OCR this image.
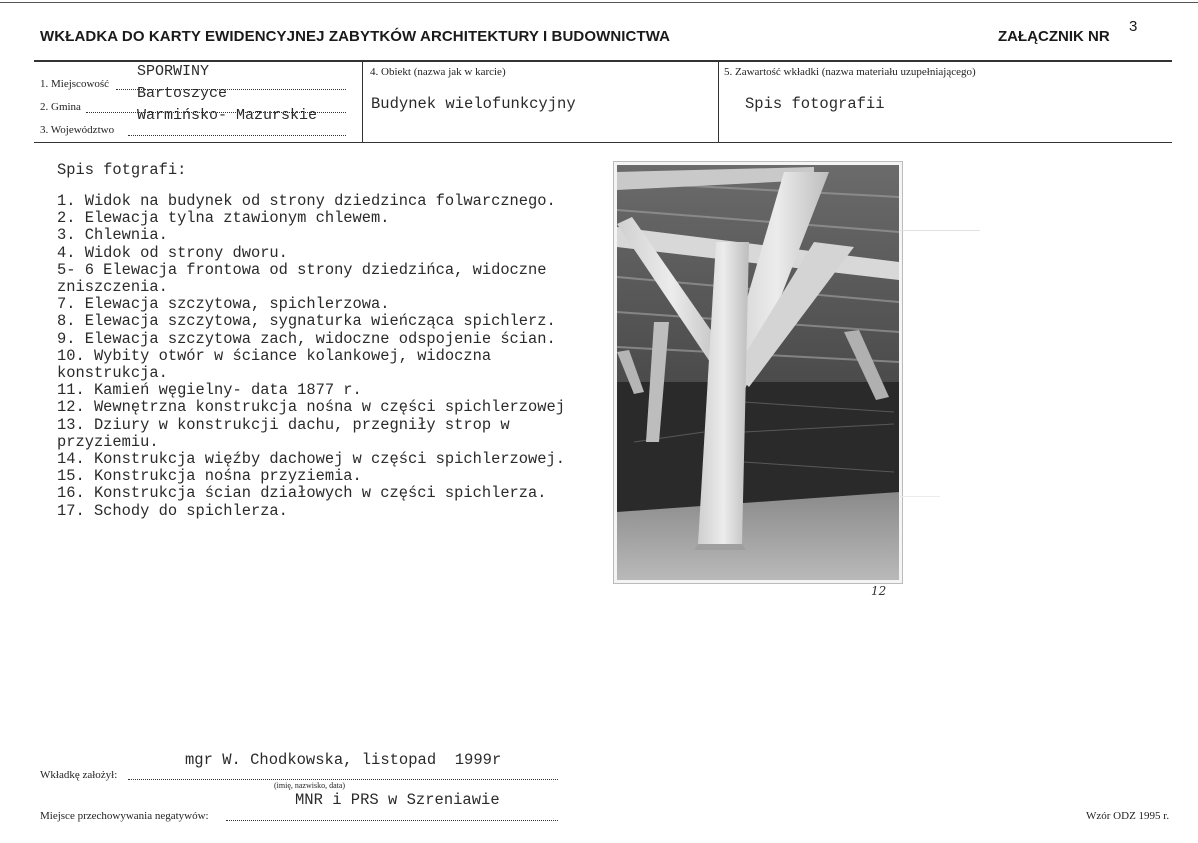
WKŁADKA DO KARTY EWIDENCYJNEJ ZABYTKÓW ARCHITEKTURY I BUDOWNICTWA	ZAŁĄCZNIK NR
3
1. Miejscowość
SPORWINY
2. Gmina
Bartoszyce
Warmińsko- Mazurskie
3. Województwo
4. Obiekt (nazwa jak w karcie)
Budynek wielofunkcyjny
5. Zawartość wkładki (nazwa materiału uzupełniającego)
Spis fotografii
Spis fotgrafi:
1. Widok na budynek od strony dziedzinca folwarcznego.
2. Elewacja tylna ztawionym chlewem.
3. Chlewnia.
4. Widok od strony dworu.
5- 6 Elewacja frontowa od strony dziedzińca, widoczne
zniszczenia.
7. Elewacja szczytowa, spichlerzowa.
8. Elewacja szczytowa, sygnaturka wieńcząca spichlerz.
9. Elewacja szczytowa zach, widoczne odspojenie ścian.
10. Wybity otwór w ściance kolankowej, widoczna
konstrukcja.
11. Kamień węgielny- data 1877 r.
12. Wewnętrzna konstrukcja nośna w części spichlerzowej
13. Dziury w konstrukcji dachu, przegniły strop w
przyziemiu.
14. Konstrukcja więźby dachowej w części spichlerzowej.
15. Konstrukcja nośna przyziemia.
16. Konstrukcja ścian działowych w części spichlerza.
17. Schody do spichlerza.
12
mgr W. Chodkowska, listopad  1999r
Wkładkę założył:
(imię, nazwisko, data)
MNR i PRS w Szreniawie
Miejsce przechowywania negatywów:	Wzór ODZ 1995 r.
